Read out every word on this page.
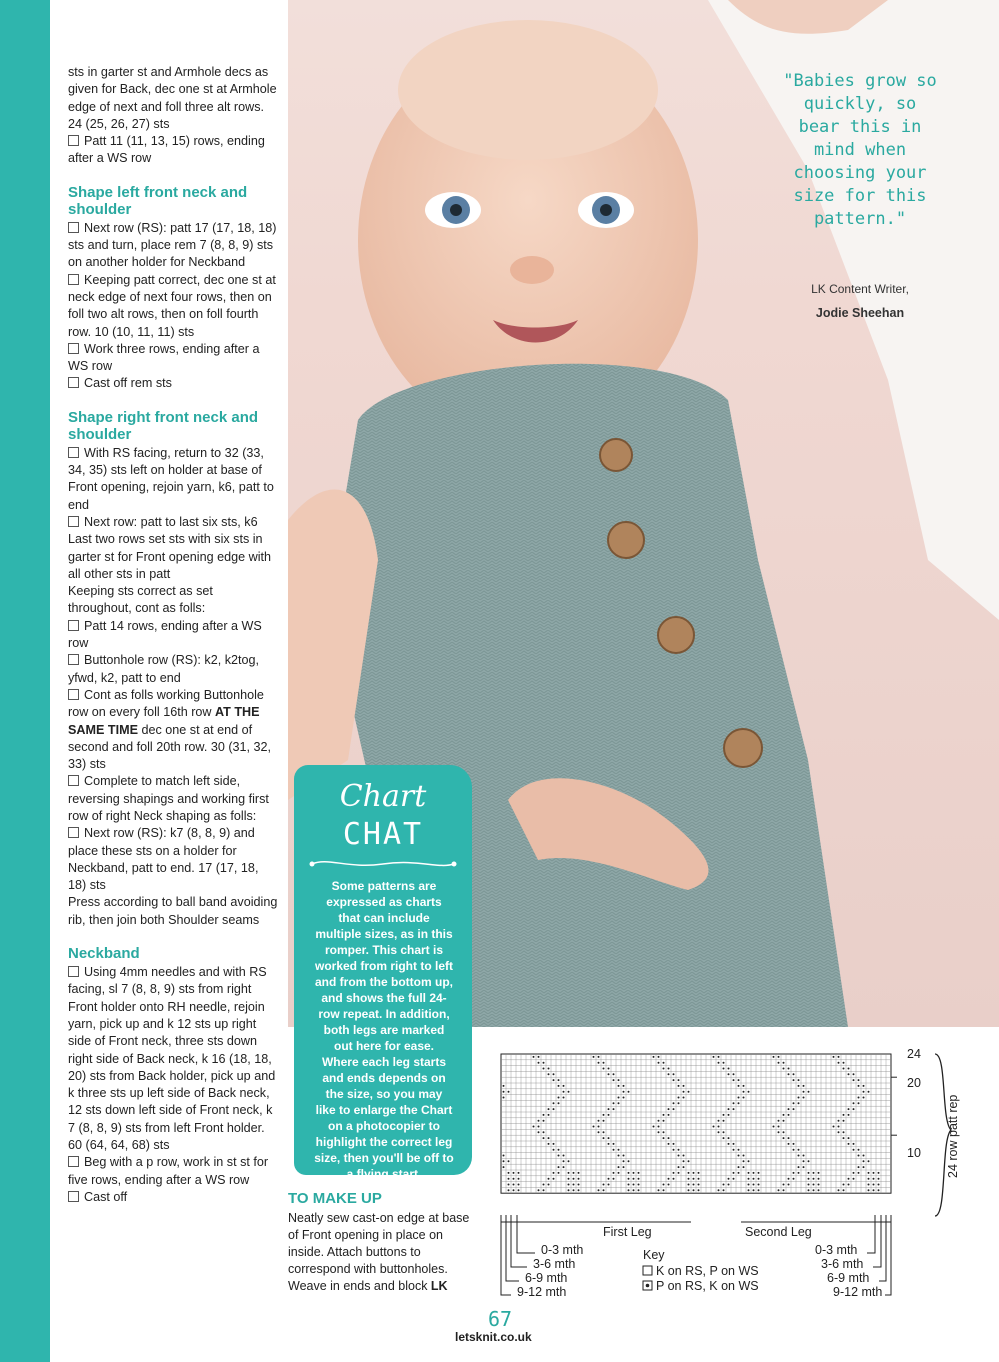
sts in garter st and Armhole decs as given for Back, dec one st at Armhole edge of next and foll three alt rows. 24 (25, 26, 27) sts

Patt 11 (11, 13, 15) rows, ending after a WS row

Shape left front neck and shoulder

Next row (RS): patt 17 (17, 18, 18) sts and turn, place rem 7 (8, 8, 9) sts on another holder for Neckband

Keeping patt correct, dec one st at neck edge of next four rows, then on foll two alt rows, then on foll fourth row. 10 (10, 11, 11) sts

Work three rows, ending after a WS row

Cast off rem sts

Shape right front neck and shoulder

With RS facing, return to 32 (33, 34, 35) sts left on holder at base of Front opening, rejoin yarn, k6, patt to end

Next row: patt to last six sts, k6

Last two rows set sts with six sts in garter st for Front opening edge with all other sts in patt

Keeping sts correct as set throughout, cont as folls:

Patt 14 rows, ending after a WS row

Buttonhole row (RS): k2, k2tog, yfwd, k2, patt to end

Cont as folls working Buttonhole row on every foll 16th row AT THE SAME TIME dec one st at end of second and foll 20th row. 30 (31, 32, 33) sts

Complete to match left side, reversing shapings and working first row of right Neck shaping as folls:

Next row (RS): k7 (8, 8, 9) and place these sts on a holder for Neckband, patt to end. 17 (17, 18, 18) sts

Press according to ball band avoiding rib, then join both Shoulder seams

Neckband

Using 4mm needles and with RS facing, sl 7 (8, 8, 9) sts from right Front holder onto RH needle, rejoin yarn, pick up and k 12 sts up right side of Front neck, three sts down right side of Back neck, k 16 (18, 18, 20) sts from Back holder, pick up and k three sts up left side of Back neck, 12 sts down left side of Front neck, k 7 (8, 8, 9) sts from left Front holder. 60 (64, 64, 68) sts

Beg with a p row, work in st st for five rows, ending after a WS row

Cast off

"Babies grow so quickly, so bear this in mind when choosing your size for this pattern."
LK Content Writer,
Jodie Sheehan
Chart
CHAT
Some patterns are expressed as charts that can include multiple sizes, as in this romper. This chart is worked from right to left and from the bottom up, and shows the full 24-row repeat. In addition, both legs are marked out here for ease. Where each leg starts and ends depends on the size, so you may like to enlarge the Chart on a photocopier to highlight the correct leg size, then you'll be off to a flying start.
TO MAKE UP
Neatly sew cast-on edge at base of Front opening in place on inside. Attach buttons to correspond with buttonholes. Weave in ends and block LK
24
20
10
First Leg	Second Leg
0-3 mth
3-6 mth
6-9 mth
9-12 mth
0-3 mth
3-6 mth
6-9 mth
9-12 mth
Key
K on RS, P on WS
P on RS, K on WS
24 row patt rep
67
letsknit.co.uk
